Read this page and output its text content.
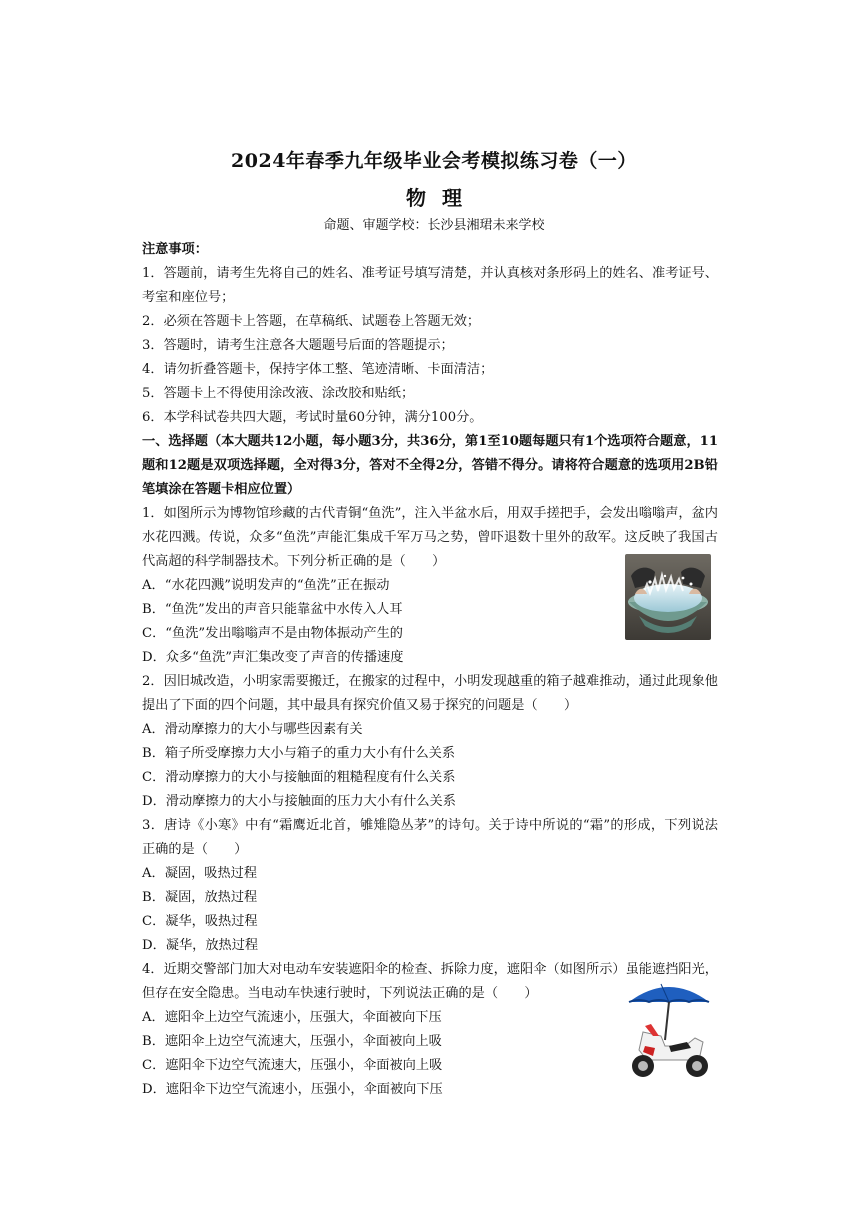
2024年春季九年级毕业会考模拟练习卷（一）
物理
命题、审题学校：长沙县湘珺未来学校

注意事项：

1．答题前，请考生先将自己的姓名、准考证号填写清楚，并认真核对条形码上的姓名、准考证号、考室和座位号；

2．必须在答题卡上答题，在草稿纸、试题卷上答题无效；

3．答题时，请考生注意各大题题号后面的答题提示；

4．请勿折叠答题卡，保持字体工整、笔迹清晰、卡面清洁；

5．答题卡上不得使用涂改液、涂改胶和贴纸；

6．本学科试卷共四大题，考试时量60分钟，满分100分。

一、选择题（本大题共12小题，每小题3分，共36分，第1至10题每题只有1个选项符合题意，11题和12题是双项选择题，全对得3分，答对不全得2分，答错不得分。请将符合题意的选项用2B铅笔填涂在答题卡相应位置）

1．如图所示为博物馆珍藏的古代青铜“鱼洗”，注入半盆水后，用双手搓把手，会发出嗡嗡声，盆内水花四溅。传说，众多“鱼洗”声能汇集成千军万马之势，曾吓退数十里外的敌军。这反映了我国古代高超的科学制器技术。下列分析正确的是（　　）

A．“水花四溅”说明发声的“鱼洗”正在振动

B．“鱼洗”发出的声音只能靠盆中水传入人耳

C．“鱼洗”发出嗡嗡声不是由物体振动产生的

D．众多“鱼洗”声汇集改变了声音的传播速度

2．因旧城改造，小明家需要搬迁，在搬家的过程中，小明发现越重的箱子越难推动，通过此现象他提出了下面的四个问题，其中最具有探究价值又易于探究的问题是（　　）

A．滑动摩擦力的大小与哪些因素有关

B．箱子所受摩擦力大小与箱子的重力大小有什么关系

C．滑动摩擦力的大小与接触面的粗糙程度有什么关系

D．滑动摩擦力的大小与接触面的压力大小有什么关系

3．唐诗《小寒》中有“霜鹰近北首，雊雉隐丛茅”的诗句。关于诗中所说的“霜”的形成，下列说法正确的是（　　）

A．凝固，吸热过程

B．凝固，放热过程

C．凝华，吸热过程

D．凝华，放热过程

4．近期交警部门加大对电动车安装遮阳伞的检查、拆除力度，遮阳伞（如图所示）虽能遮挡阳光，但存在安全隐患。当电动车快速行驶时，下列说法正确的是（　　）

A．遮阳伞上边空气流速小，压强大，伞面被向下压

B．遮阳伞上边空气流速大，压强小，伞面被向上吸

C．遮阳伞下边空气流速大，压强小，伞面被向上吸

D．遮阳伞下边空气流速小，压强小，伞面被向下压
